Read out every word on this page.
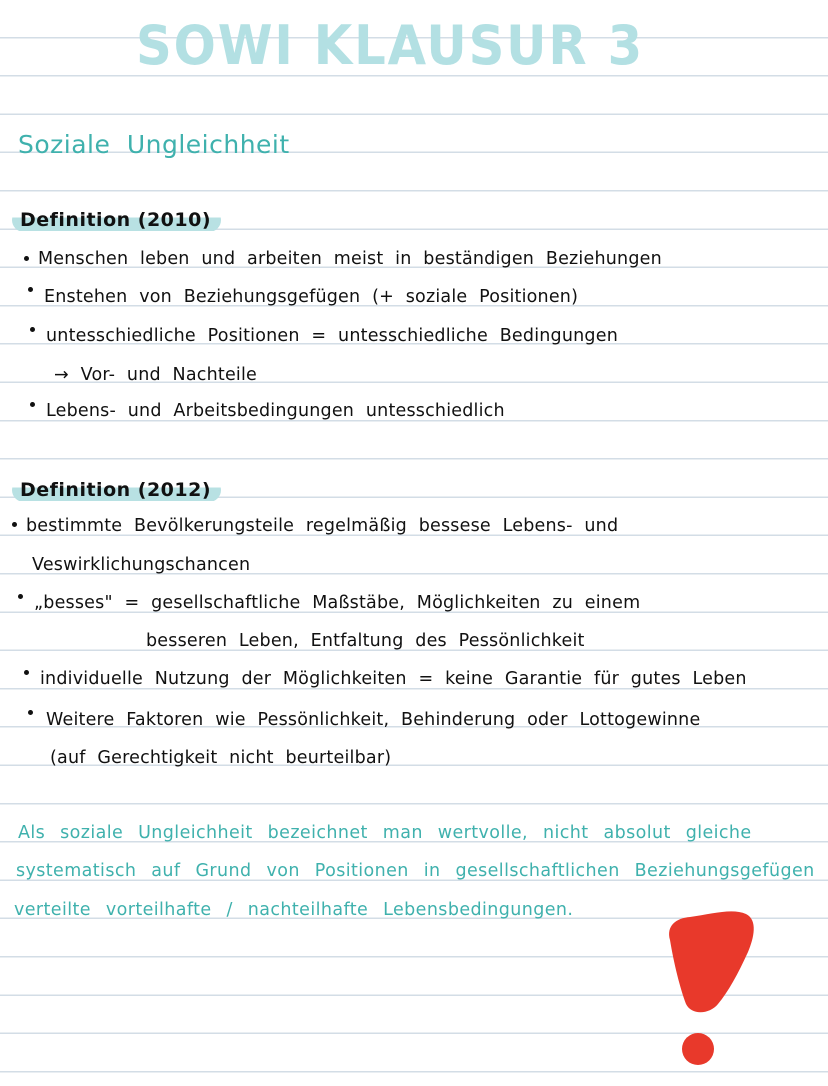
SOWI KLAUSUR 3
Soziale Ungleichheit
Definition (2010)
Menschen leben und arbeiten meist in beständigen Beziehungen
Enstehen von Beziehungsgefügen (+ soziale Positionen)
untesschiedliche Positionen = untesschiedliche Bedingungen
→ Vor- und Nachteile
Lebens- und Arbeitsbedingungen untesschiedlich
Definition (2012)
bestimmte Bevölkerungsteile regelmäßig bessese Lebens- und
Veswirklichungschancen
„besses" = gesellschaftliche Maßstäbe, Möglichkeiten zu einem
besseren Leben, Entfaltung des Pessönlichkeit
individuelle Nutzung der Möglichkeiten = keine Garantie für gutes Leben
Weitere Faktoren wie Pessönlichkeit, Behinderung oder Lottogewinne
(auf Gerechtigkeit nicht beurteilbar)
Als soziale Ungleichheit bezeichnet man wertvolle, nicht absolut gleiche
systematisch auf Grund von Positionen in gesellschaftlichen Beziehungsgefügen
verteilte vorteilhafte / nachteilhafte Lebensbedingungen.
